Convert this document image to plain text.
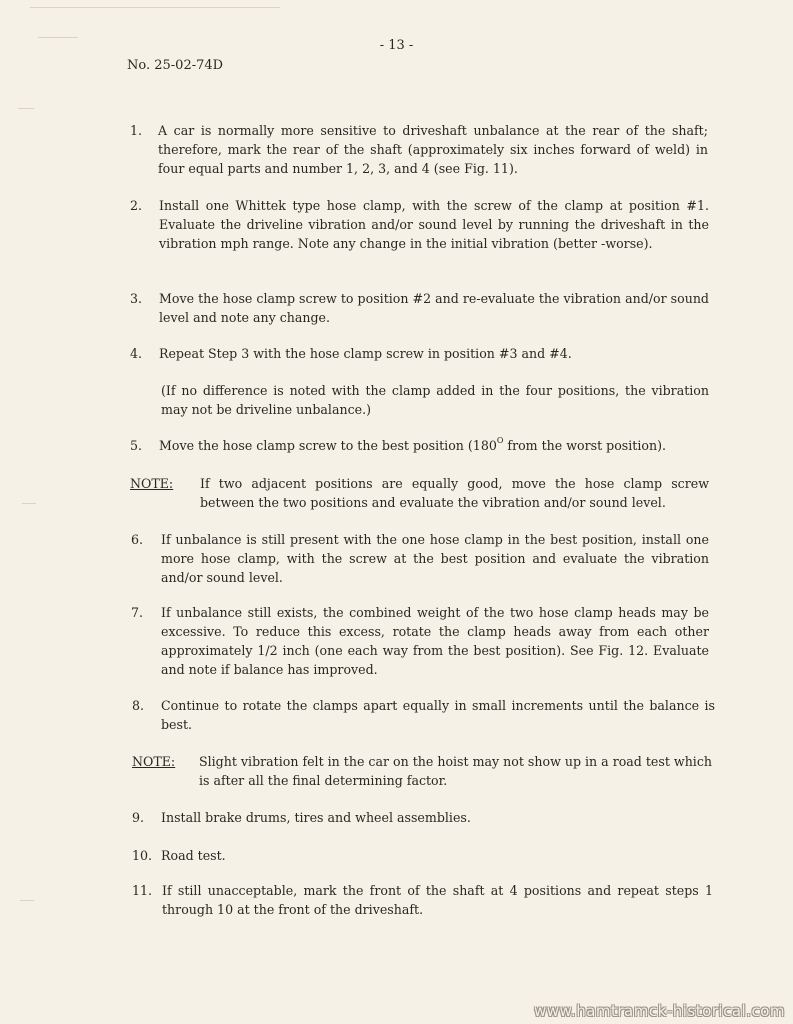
- 13 -
No. 25-02-74D
1. A car is normally more sensitive to driveshaft unbalance at the rear of the shaft; therefore, mark the rear of the shaft (approximately six inches forward of weld) in four equal parts and number 1, 2, 3, and 4 (see Fig. 11).
2. Install one Whittek type hose clamp, with the screw of the clamp at position #1. Evaluate the driveline vibration and/or sound level by running the driveshaft in the vibration mph range. Note any change in the initial vibration (better -worse).
3. Move the hose clamp screw to position #2 and re-evaluate the vibration and/or sound level and note any change.
4. Repeat Step 3 with the hose clamp screw in position #3 and #4.
(If no difference is noted with the clamp added in the four positions, the vibration may not be driveline unbalance.)
5. Move the hose clamp screw to the best position ($180^O$ from the worst position).
NOTE: If two adjacent positions are equally good, move the hose clamp screw between the two positions and evaluate the vibration and/or sound level.
6. If unbalance is still present with the one hose clamp in the best position, install one more hose clamp, with the screw at the best position and evaluate the vibration and/or sound level.
7. If unbalance still exists, the combined weight of the two hose clamp heads may be excessive. To reduce this excess, rotate the clamp heads away from each other approximately 1/2 inch (one each way from the best position). See Fig. 12. Evaluate and note if balance has improved.
8. Continue to rotate the clamps apart equally in small increments until the balance is best.
NOTE: Slight vibration felt in the car on the hoist may not show up in a road test which is after all the final determining factor.
9. Install brake drums, tires and wheel assemblies.
10. Road test.
11. If still unacceptable, mark the front of the shaft at 4 positions and repeat steps 1 through 10 at the front of the driveshaft.
www.hamtramck-historical.com
